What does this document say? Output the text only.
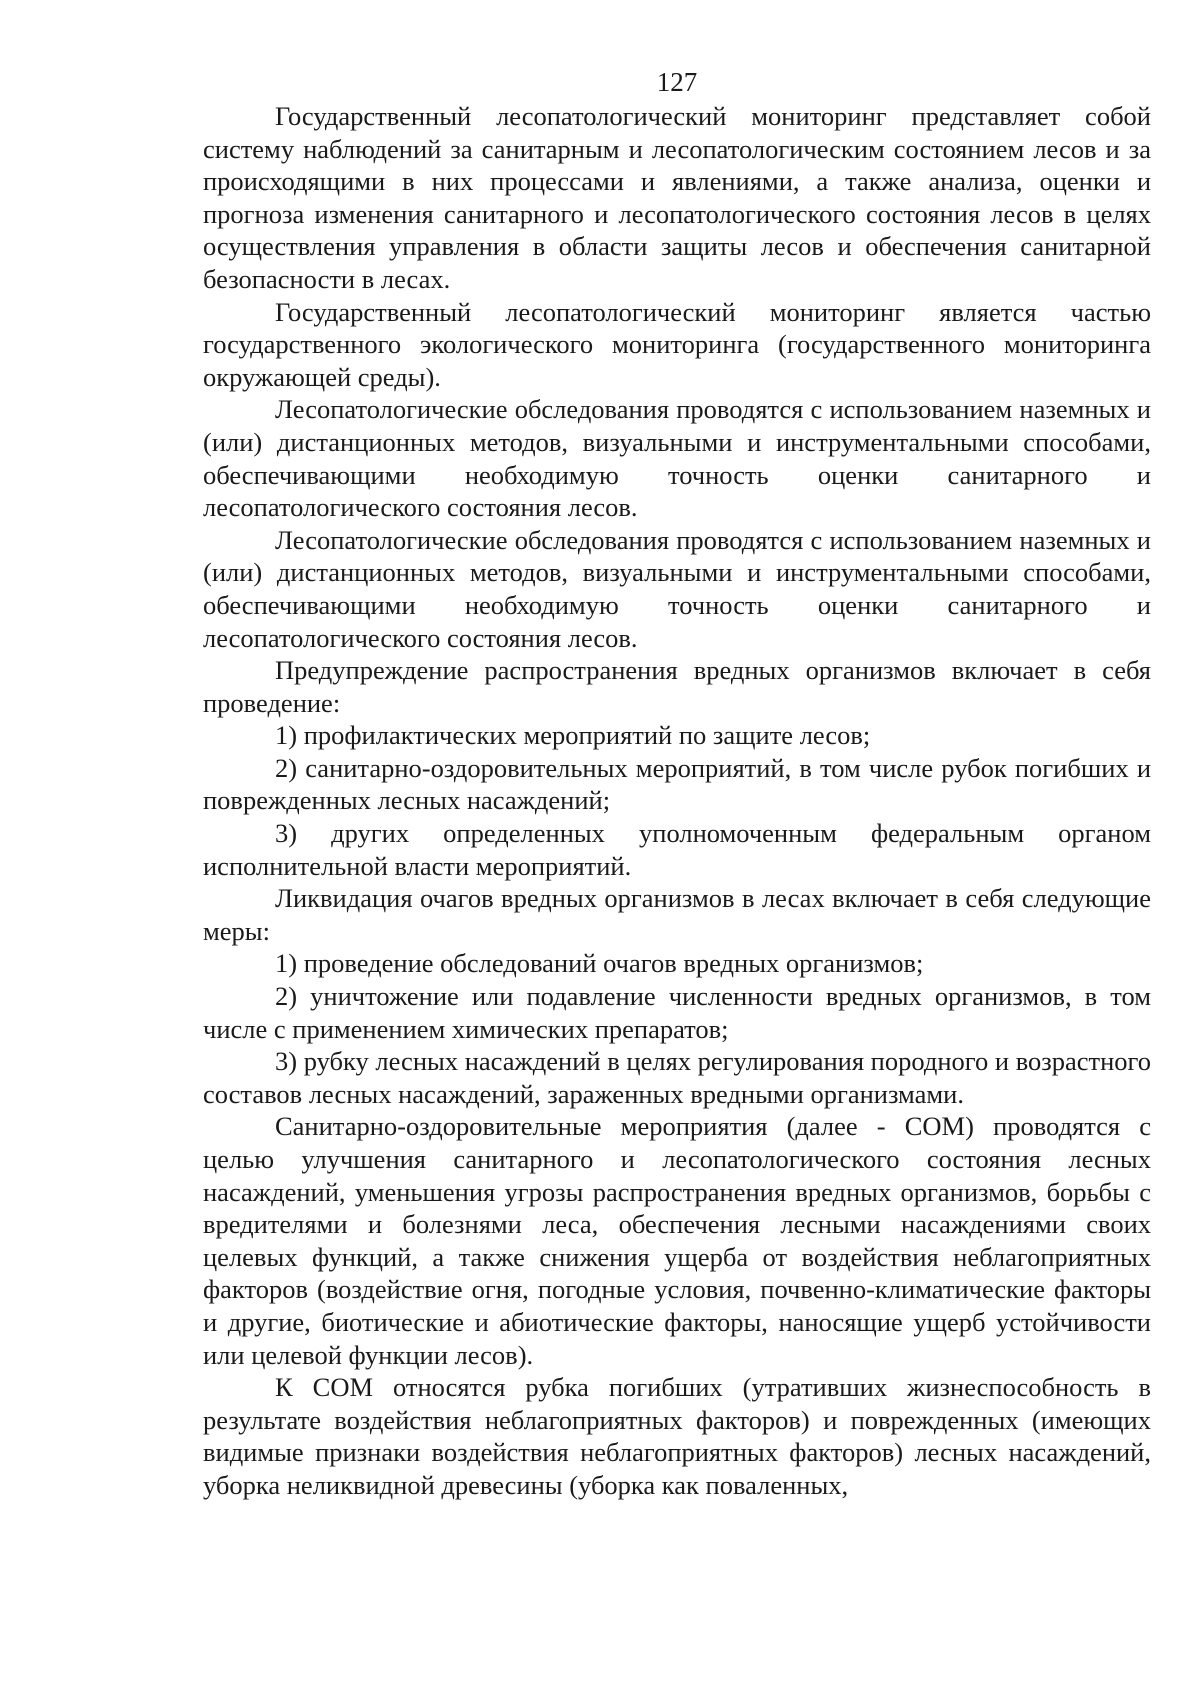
127

Государственный лесопатологический мониторинг представляет собой систему наблюдений за санитарным и лесопатологическим состоянием лесов и за происходящими в них процессами и явлениями, а также анализа, оценки и прогноза изменения санитарного и лесопатологического состояния лесов в целях осуществления управления в области защиты лесов и обеспечения санитарной безопасности в лесах.

Государственный лесопатологический мониторинг является частью государственного экологического мониторинга (государственного мониторинга окружающей среды).

Лесопатологические обследования проводятся с использованием наземных и (или) дистанционных методов, визуальными и инструментальными способами, обеспечивающими необходимую точность оценки санитарного и лесопатологического состояния лесов.

Лесопатологические обследования проводятся с использованием наземных и (или) дистанционных методов, визуальными и инструментальными способами, обеспечивающими необходимую точность оценки санитарного и лесопатологического состояния лесов.

Предупреждение распространения вредных организмов включает в себя проведение:

1) профилактических мероприятий по защите лесов;

2) санитарно-оздоровительных мероприятий, в том числе рубок погибших и поврежденных лесных насаждений;

3) других определенных уполномоченным федеральным органом исполнительной власти мероприятий.

Ликвидация очагов вредных организмов в лесах включает в себя следующие меры:

1) проведение обследований очагов вредных организмов;

2) уничтожение или подавление численности вредных организмов, в том числе с применением химических препаратов;

3) рубку лесных насаждений в целях регулирования породного и возрастного составов лесных насаждений, зараженных вредными организмами.

Санитарно-оздоровительные мероприятия (далее - СОМ) проводятся с целью улучшения санитарного и лесопатологического состояния лесных насаждений, уменьшения угрозы распространения вредных организмов, борьбы с вредителями и болезнями леса, обеспечения лесными насаждениями своих целевых функций, а также снижения ущерба от воздействия неблагоприятных факторов (воздействие огня, погодные условия, почвенно-климатические факторы и другие, биотические и абиотические факторы, наносящие ущерб устойчивости или целевой функции лесов).

К СОМ относятся рубка погибших (утративших жизнеспособность в результате воздействия неблагоприятных факторов) и поврежденных (имеющих видимые признаки воздействия неблагоприятных факторов) лесных насаждений, уборка неликвидной древесины (уборка как поваленных,
